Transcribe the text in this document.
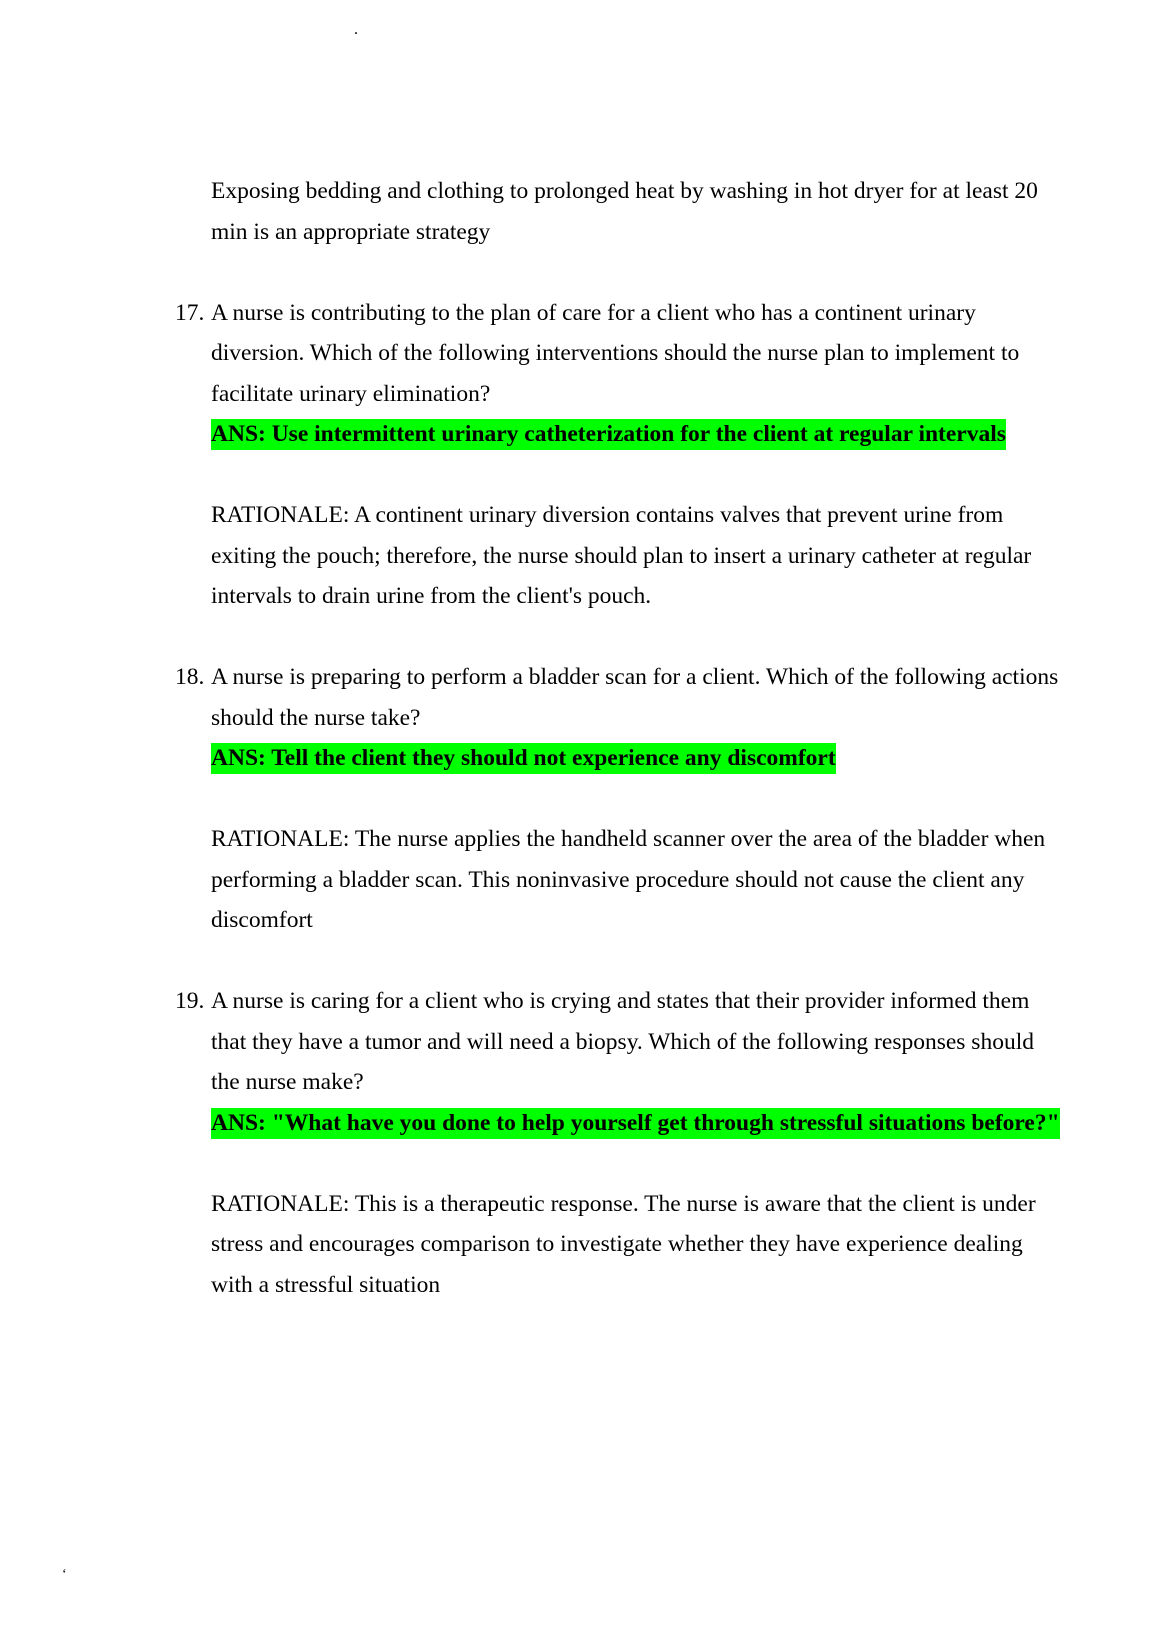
.

Exposing bedding and clothing to prolonged heat by washing in hot dryer for at least 20 min is an appropriate strategy

17. A nurse is contributing to the plan of care for a client who has a continent urinary diversion. Which of the following interventions should the nurse plan to implement to facilitate urinary elimination?

ANS: Use intermittent urinary catheterization for the client at regular intervals

RATIONALE: A continent urinary diversion contains valves that prevent urine from exiting the pouch; therefore, the nurse should plan to insert a urinary catheter at regular intervals to drain urine from the client's pouch.

18. A nurse is preparing to perform a bladder scan for a client. Which of the following actions should the nurse take?

ANS: Tell the client they should not experience any discomfort

RATIONALE: The nurse applies the handheld scanner over the area of the bladder when performing a bladder scan. This noninvasive procedure should not cause the client any discomfort

19. A nurse is caring for a client who is crying and states that their provider informed them that they have a tumor and will need a biopsy. Which of the following responses should the nurse make?

ANS: "What have you done to help yourself get through stressful situations before?"

RATIONALE: This is a therapeutic response. The nurse is aware that the client is under stress and encourages comparison to investigate whether they have experience dealing with a stressful situation

‘
